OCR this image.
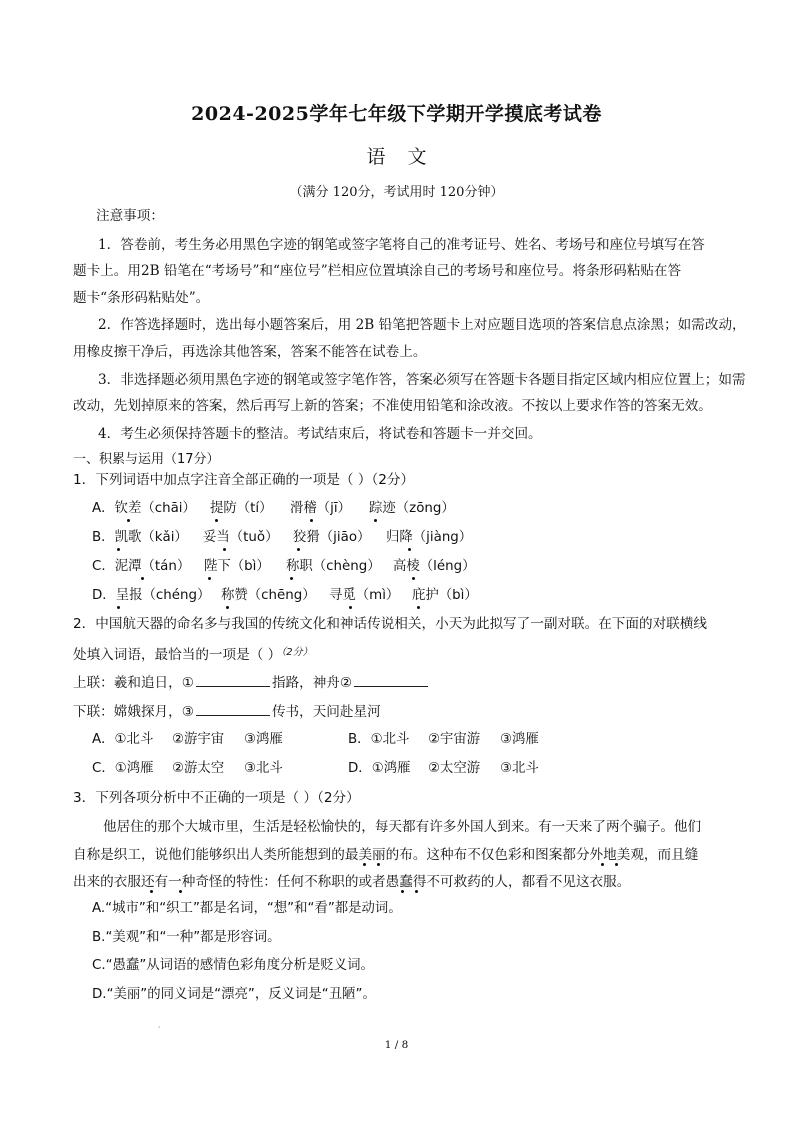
2024-2025学年七年级下学期开学摸底考试卷
语文
（满分 120分，考试用时 120分钟）
注意事项：
1．答卷前，考生务必用黑色字迹的钢笔或签字笔将自己的准考证号、姓名、考场号和座位号填写在答
题卡上。用2B 铅笔在“考场号”和“座位号”栏相应位置填涂自己的考场号和座位号。将条形码粘贴在答
题卡“条形码粘贴处”。
2．作答选择题时，选出每小题答案后，用 2B 铅笔把答题卡上对应题目选项的答案信息点涂黑；如需改动，
用橡皮擦干净后，再选涂其他答案，答案不能答在试卷上。
3．非选择题必须用黑色字迹的钢笔或签字笔作答，答案必须写在答题卡各题目指定区域内相应位置上；如需
改动，先划掉原来的答案，然后再写上新的答案；不准使用铅笔和涂改液。不按以上要求作答的答案无效。
4．考生必须保持答题卡的整洁。考试结束后，将试卷和答题卡一并交回。
一、积累与运用（17分）
1．下列词语中加点字注音全部正确的一项是（ ）（2分）
A．钦差（chāi） 提防（tí） 滑稽（jī） 踪迹（zōng）
B．凯歌（kǎi） 妥当（tuǒ） 狡猾（jiāo） 归降（jiàng）
C．泥潭（tán） 陛下（bì） 称职（chèng） 高棱（léng）
D．呈报（chéng） 称赞（chēng） 寻觅（mì） 庇护（bì）
2．中国航天器的命名多与我国的传统文化和神话传说相关，小天为此拟写了一副对联。在下面的对联横线
处填入词语，最恰当的一项是（ ）$^{(2分)}$
上联：羲和追日，①	指路，神舟②
下联：嫦娥探月，③	传书，天问赴星河
A．①北斗 ②游宇宙 ③鸿雁	B．①北斗 ②宇宙游 ③鸿雁
C．①鸿雁 ②游太空 ③北斗	D．①鸿雁 ②太空游 ③北斗
3．下列各项分析中不正确的一项是（ ）（2分）
他居住的那个大城市里，生活是轻松愉快的，每天都有许多外国人到来。有一天来了两个骗子。他们
自称是织工，说他们能够织出人类所能想到的最美丽的布。这种布不仅色彩和图案都分外地美观，而且缝
出来的衣服还有一种奇怪的特性：任何不称职的或者愚蠢得不可救药的人，都看不见这衣服。
A.“城市”和“织工”都是名词，“想”和“看”都是动词。
B.“美观”和“一种”都是形容词。
C.“愚蠢”从词语的感情色彩角度分析是贬义词。
D.“美丽”的同义词是“漂亮”，反义词是“丑陋”。
'
1 / 8
